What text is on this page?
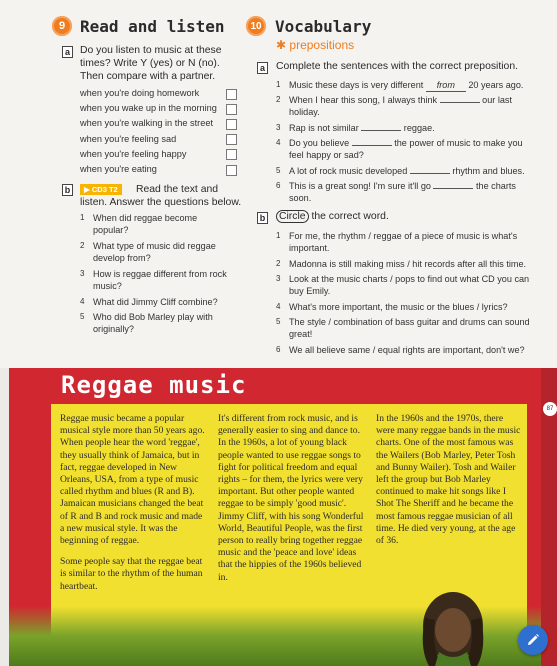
9 Read and listen
a Do you listen to music at these times? Write Y (yes) or N (no). Then compare with a partner.
when you're doing homework
when you wake up in the morning
when you're walking in the street
when you're feeling sad
when you're feeling happy
when you're eating
b	▶ CD3 T2	Read the text and listen. Answer the questions below.
1 When did reggae become popular?
2 What type of music did reggae develop from?
3 How is reggae different from rock music?
4 What did Jimmy Cliff combine?
5 Who did Bob Marley play with originally?
10 Vocabulary
✱ prepositions
a Complete the sentences with the correct preposition.
1 Music these days is very different from 20 years ago.
2 When I hear this song, I always think	our last holiday.
3 Rap is not similar	reggae.
4 Do you believe	the power of music to make you feel happy or sad?
5 A lot of rock music developed	rhythm and blues.
6 This is a great song! I'm sure it'll go	the charts soon.
b Circle the correct word.
1 For me, the rhythm / reggae of a piece of music is what's important.
2 Madonna is still making miss / hit records after all this time.
3 Look at the music charts / pops to find out what CD you can buy Emily.
4 What's more important, the music or the blues / lyrics?
5 The style / combination of bass guitar and drums can sound great!
6 We all believe same / equal rights are important, don't we?
Reggae music

Reggae music became a popular musical style more than 50 years ago. When people hear the word 'reggae', they usually think of Jamaica, but in fact, reggae developed in New Orleans, USA, from a type of music called rhythm and blues (R and B). Jamaican musicians changed the beat of R and B and rock music and made a new musical style. It was the beginning of reggae.

Some people say that the reggae beat is similar to the rhythm of the human heartbeat.

It's different from rock music, and is generally easier to sing and dance to. In the 1960s, a lot of young black people wanted to use reggae songs to fight for political freedom and equal rights – for them, the lyrics were very important. But other people wanted reggae to be simply 'good music'. Jimmy Cliff, with his song Wonderful World, Beautiful People, was the first person to really bring together reggae music and the 'peace and love' ideas that the hippies of the 1960s believed in.
In the 1960s and the 1970s, there were many reggae bands in the music charts. One of the most famous was the Wailers (Bob Marley, Peter Tosh and Bunny Wailer). Tosh and Wailer left the group but Bob Marley continued to make hit songs like I Shot The Sheriff and he became the most famous reggae musician of all time. He died very young, at the age of 36.
87
